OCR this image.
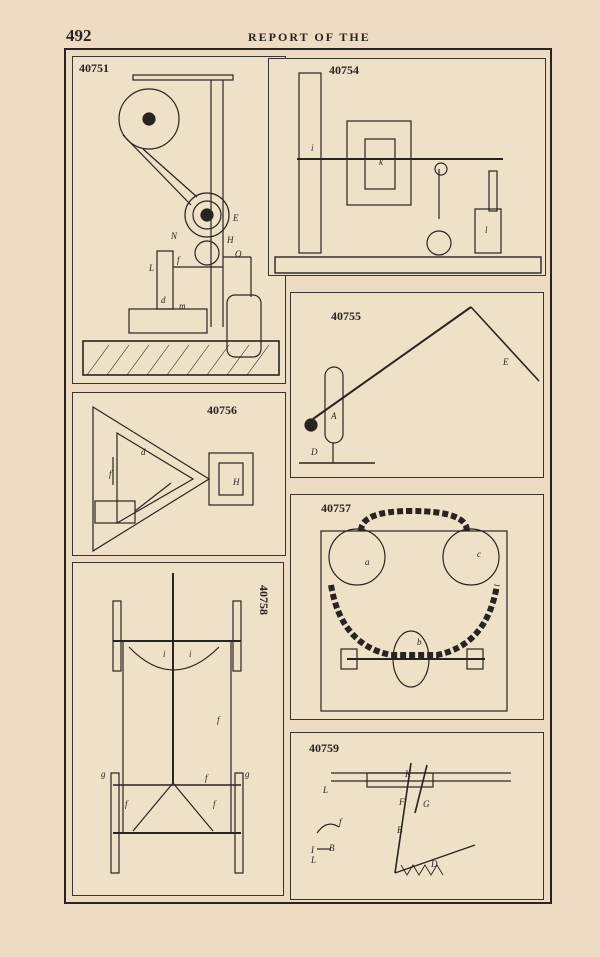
492	REPORT OF THE
40751
E
H
N
O
L
f
d
m
40754
i
k
l
40755
E
A
D
40756
d
f
H
40757
a
c
b
40758
i	i
f
f
g	g
f	f
40759
K
L
F G
B
f
I
L
B
D
